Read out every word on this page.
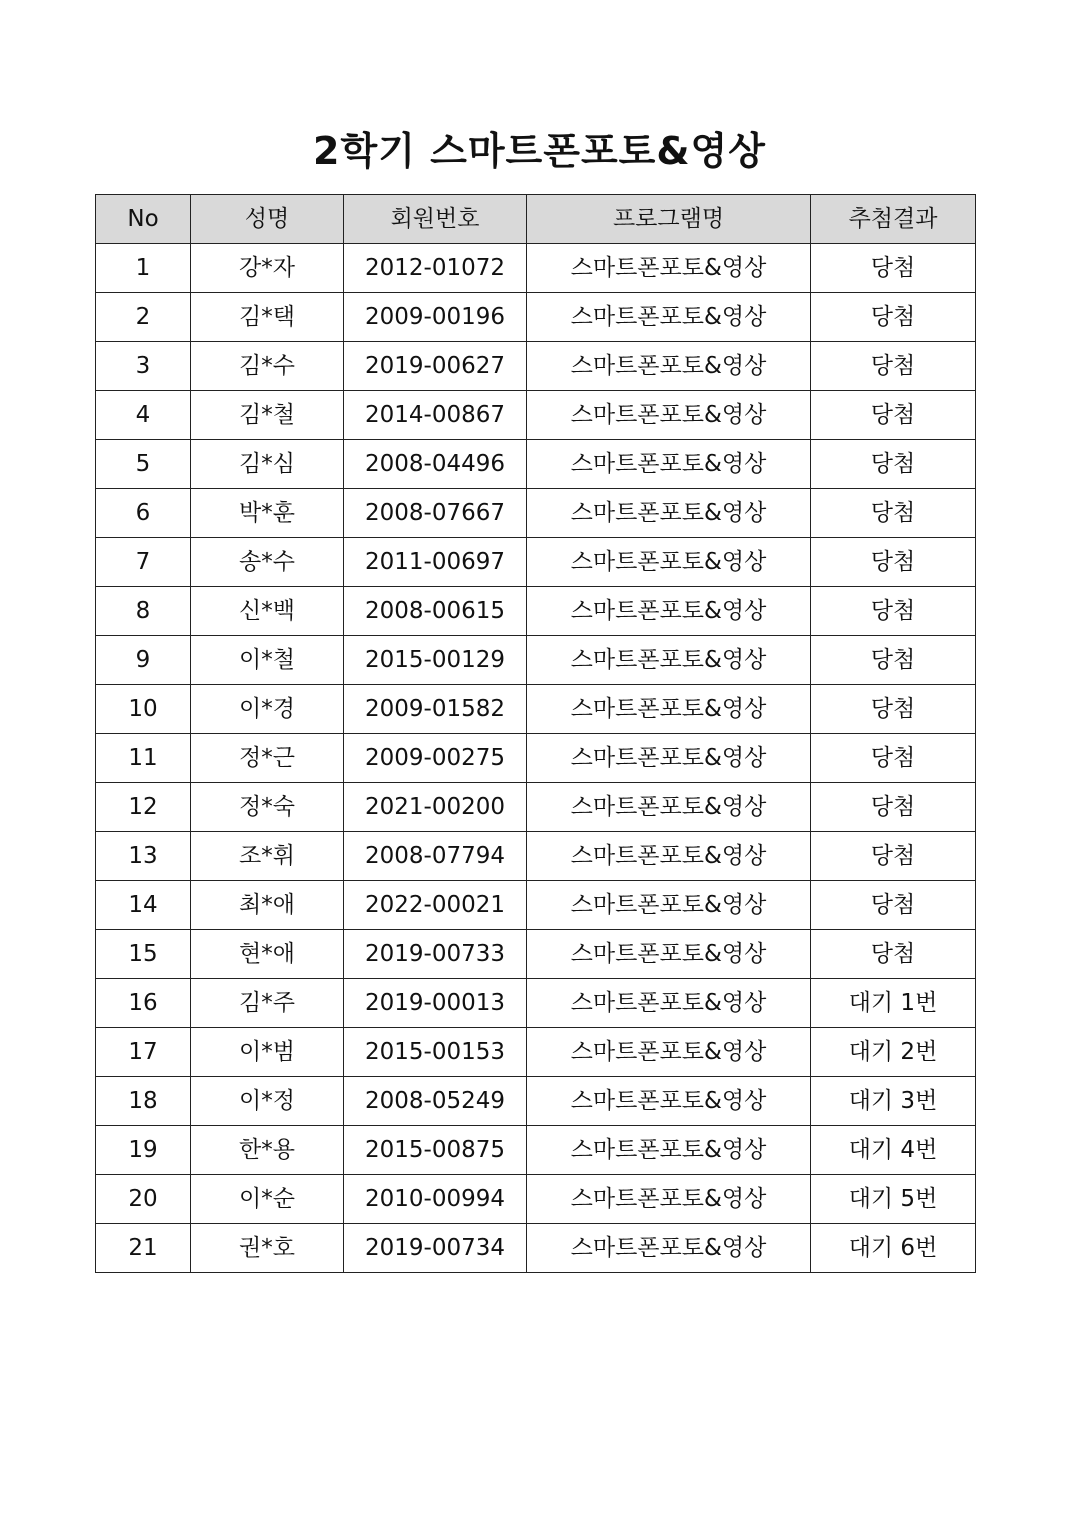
2학기 스마트폰포토&영상
No	성명	회원번호	프로그램명	추첨결과
1	강*자	2012-01072	스마트폰포토&영상	당첨
2	김*택	2009-00196	스마트폰포토&영상	당첨
3	김*수	2019-00627	스마트폰포토&영상	당첨
4	김*철	2014-00867	스마트폰포토&영상	당첨
5	김*심	2008-04496	스마트폰포토&영상	당첨
6	박*훈	2008-07667	스마트폰포토&영상	당첨
7	송*수	2011-00697	스마트폰포토&영상	당첨
8	신*백	2008-00615	스마트폰포토&영상	당첨
9	이*철	2015-00129	스마트폰포토&영상	당첨
10	이*경	2009-01582	스마트폰포토&영상	당첨
11	정*근	2009-00275	스마트폰포토&영상	당첨
12	정*숙	2021-00200	스마트폰포토&영상	당첨
13	조*휘	2008-07794	스마트폰포토&영상	당첨
14	최*애	2022-00021	스마트폰포토&영상	당첨
15	현*애	2019-00733	스마트폰포토&영상	당첨
16	김*주	2019-00013	스마트폰포토&영상	대기 1번
17	이*범	2015-00153	스마트폰포토&영상	대기 2번
18	이*정	2008-05249	스마트폰포토&영상	대기 3번
19	한*용	2015-00875	스마트폰포토&영상	대기 4번
20	이*순	2010-00994	스마트폰포토&영상	대기 5번
21	권*호	2019-00734	스마트폰포토&영상	대기 6번
